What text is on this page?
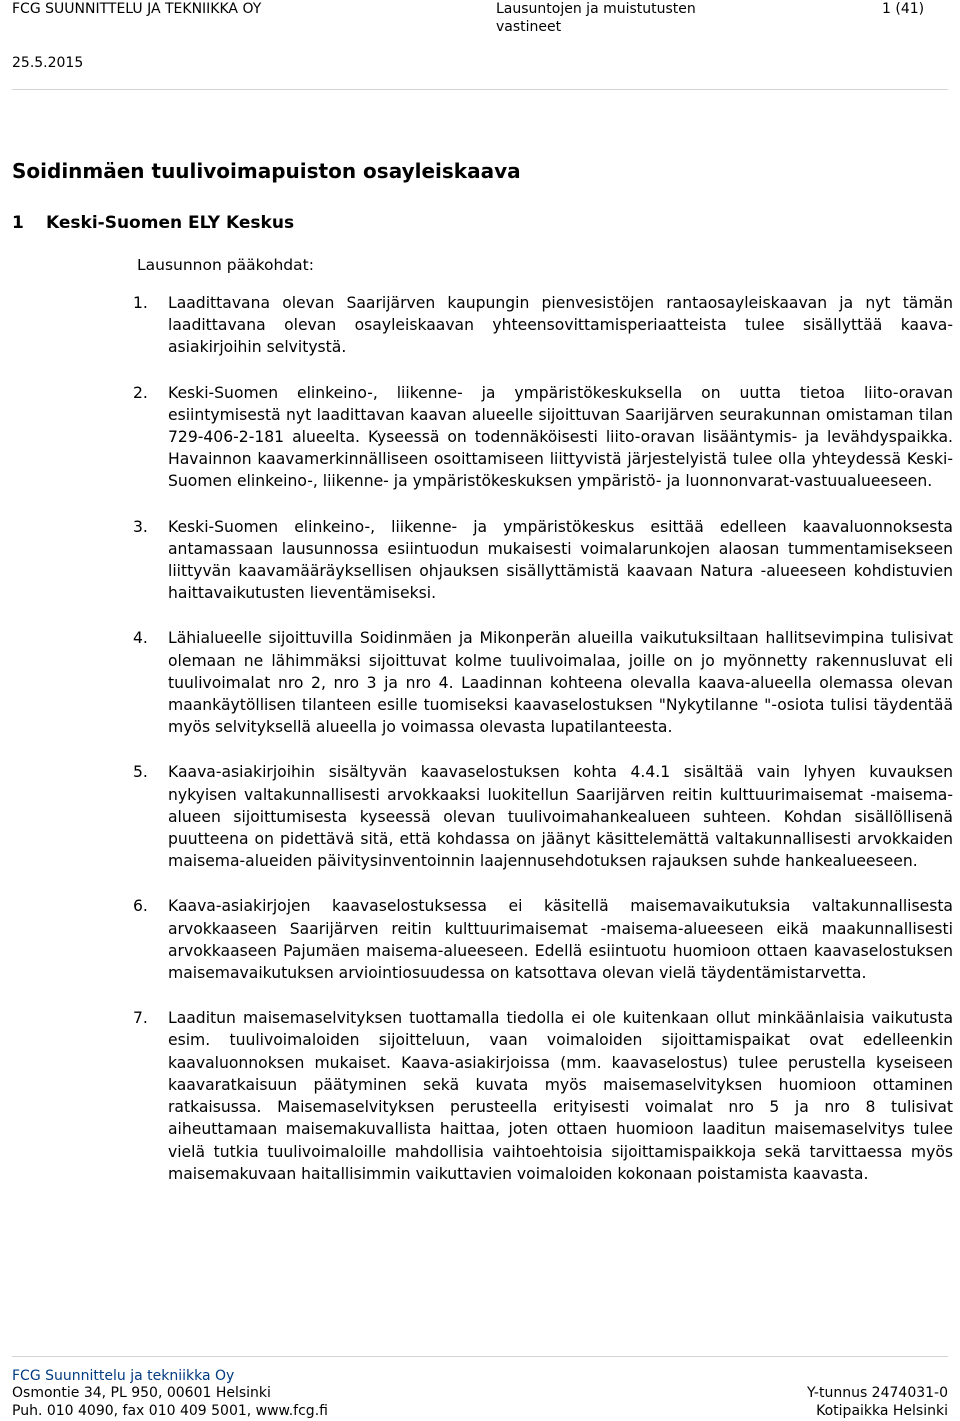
FCG SUUNNITTELU JA TEKNIIKKA OY	Lausuntojen ja muistutusten vastineet
1 (41)
25.5.2015
Soidinmäen tuulivoimapuiston osayleiskaava
1 Keski-Suomen ELY Keskus
Lausunnon pääkohdat:
1. Laadittavana olevan Saarijärven kaupungin pienvesistöjen rantaosayleiskaavan ja nyt tämän laadittavana olevan osayleiskaavan yhteensovittamisperiaatteista tulee sisällyttää kaava-asiakirjoihin selvitystä.
2. Keski-Suomen elinkeino-, liikenne- ja ympäristökeskuksella on uutta tietoa liito-oravan esiintymisestä nyt laadittavan kaavan alueelle sijoittuvan Saarijärven seurakunnan omistaman tilan 729-406-2-181 alueelta. Kyseessä on todennäköisesti liito-oravan lisääntymis- ja levähdyspaikka. Havainnon kaavamerkinnälliseen osoittamiseen liittyvistä järjestelyistä tulee olla yhteydessä Keski-Suomen elinkeino-, liikenne- ja ympäristökeskuksen ympäristö- ja luonnonvarat-vastuualueeseen.
3. Keski-Suomen elinkeino-, liikenne- ja ympäristökeskus esittää edelleen kaavaluonnoksesta antamassaan lausunnossa esiintuodun mukaisesti voimalarunkojen alaosan tummentamisekseen liittyvän kaavamääräyksellisen ohjauksen sisällyttämistä kaavaan Natura -alueeseen kohdistuvien haittavaikutusten lieventämiseksi.
4. Lähialueelle sijoittuvilla Soidinmäen ja Mikonperän alueilla vaikutuksiltaan hallitsevimpina tulisivat olemaan ne lähimmäksi sijoittuvat kolme tuulivoimalaa, joille on jo myönnetty rakennusluvat eli tuulivoimalat nro 2, nro 3 ja nro 4. Laadinnan kohteena olevalla kaava-alueella olemassa olevan maankäytöllisen tilanteen esille tuomiseksi kaavaselostuksen "Nykytilanne "-osiota tulisi täydentää myös selvityksellä alueella jo voimassa olevasta lupatilanteesta.
5. Kaava-asiakirjoihin sisältyvän kaavaselostuksen kohta 4.4.1 sisältää vain lyhyen kuvauksen nykyisen valtakunnallisesti arvokkaaksi luokitellun Saarijärven reitin kulttuurimaisemat -maisema-alueen sijoittumisesta kyseessä olevan tuulivoimahankealueen suhteen. Kohdan sisällöllisenä puutteena on pidettävä sitä, että kohdassa on jäänyt käsittelemättä valtakunnallisesti arvokkaiden maisema-alueiden päivitysinventoinnin laajennusehdotuksen rajauksen suhde hankealueeseen.
6. Kaava-asiakirjojen kaavaselostuksessa ei käsitellä maisemavaikutuksia valtakunnallisesta arvokkaaseen Saarijärven reitin kulttuurimaisemat -maisema-alueeseen eikä maakunnallisesti arvokkaaseen Pajumäen maisema-alueeseen. Edellä esiintuotu huomioon ottaen kaavaselostuksen maisemavaikutuksen arviointiosuudessa on katsottava olevan vielä täydentämistarvetta.
7. Laaditun maisemaselvityksen tuottamalla tiedolla ei ole kuitenkaan ollut minkäänlaisia vaikutusta esim. tuulivoimaloiden sijoitteluun, vaan voimaloiden sijoittamispaikat ovat edelleenkin kaavaluonnoksen mukaiset. Kaava-asiakirjoissa (mm. kaavaselostus) tulee perustella kyseiseen kaavaratkaisuun päätyminen sekä kuvata myös maisemaselvityksen huomioon ottaminen ratkaisussa. Maisemaselvityksen perusteella erityisesti voimalat nro 5 ja nro 8 tulisivat aiheuttamaan maisemakuvallista haittaa, joten ottaen huomioon laaditun maisemaselvitys tulee vielä tutkia tuulivoimaloille mahdollisia vaihtoehtoisia sijoittamispaikkoja sekä tarvittaessa myös maisemakuvaan haitallisimmin vaikuttavien voimaloiden kokonaan poistamista kaavasta.
FCG Suunnittelu ja tekniikka Oy
Osmontie 34, PL 950, 00601 Helsinki
Puh. 010 4090, fax 010 409 5001, www.fcg.fi
Y-tunnus 2474031-0
Kotipaikka Helsinki
